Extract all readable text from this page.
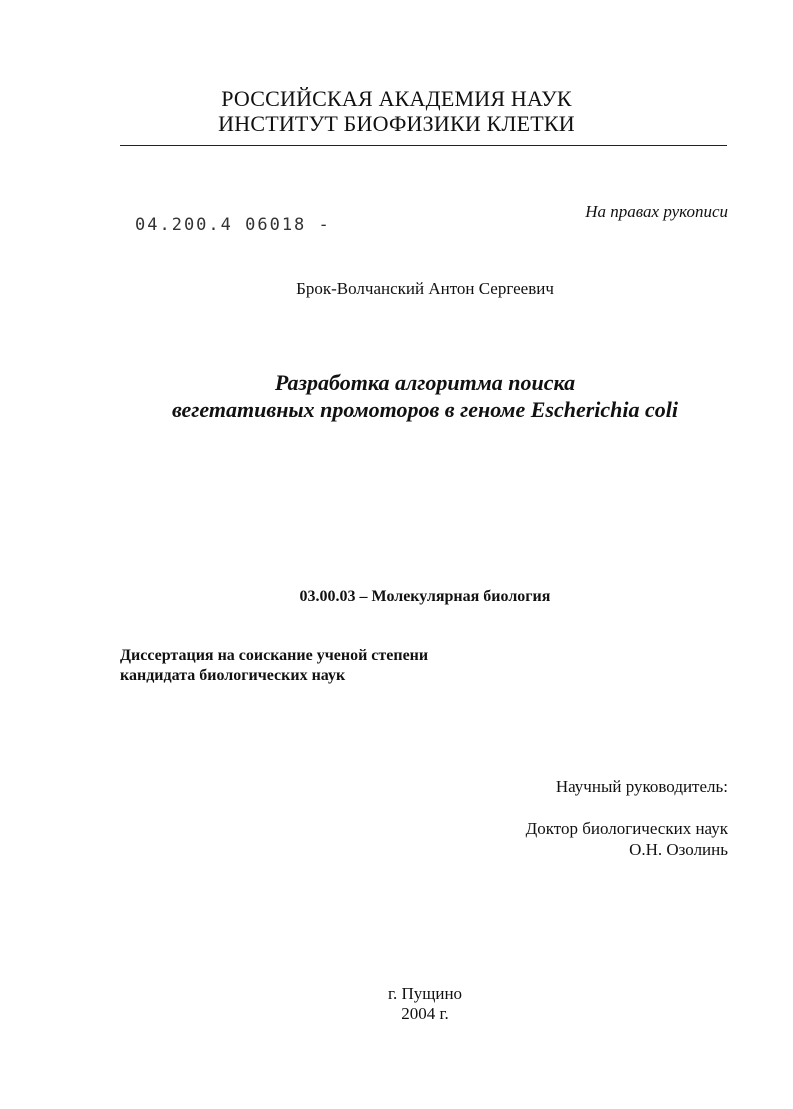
РОССИЙСКАЯ АКАДЕМИЯ НАУК
ИНСТИТУТ БИОФИЗИКИ КЛЕТКИ
04.200.4 06018 -
На правах рукописи
Брок-Волчанский Антон Сергеевич
Разработка алгоритма поиска
вегетативных промоторов в геноме Escherichia coli
03.00.03 – Молекулярная биология
Диссертация на соискание ученой степени
кандидата биологических наук
Научный руководитель:
Доктор биологических наук
О.Н. Озолинь
г. Пущино
2004 г.
